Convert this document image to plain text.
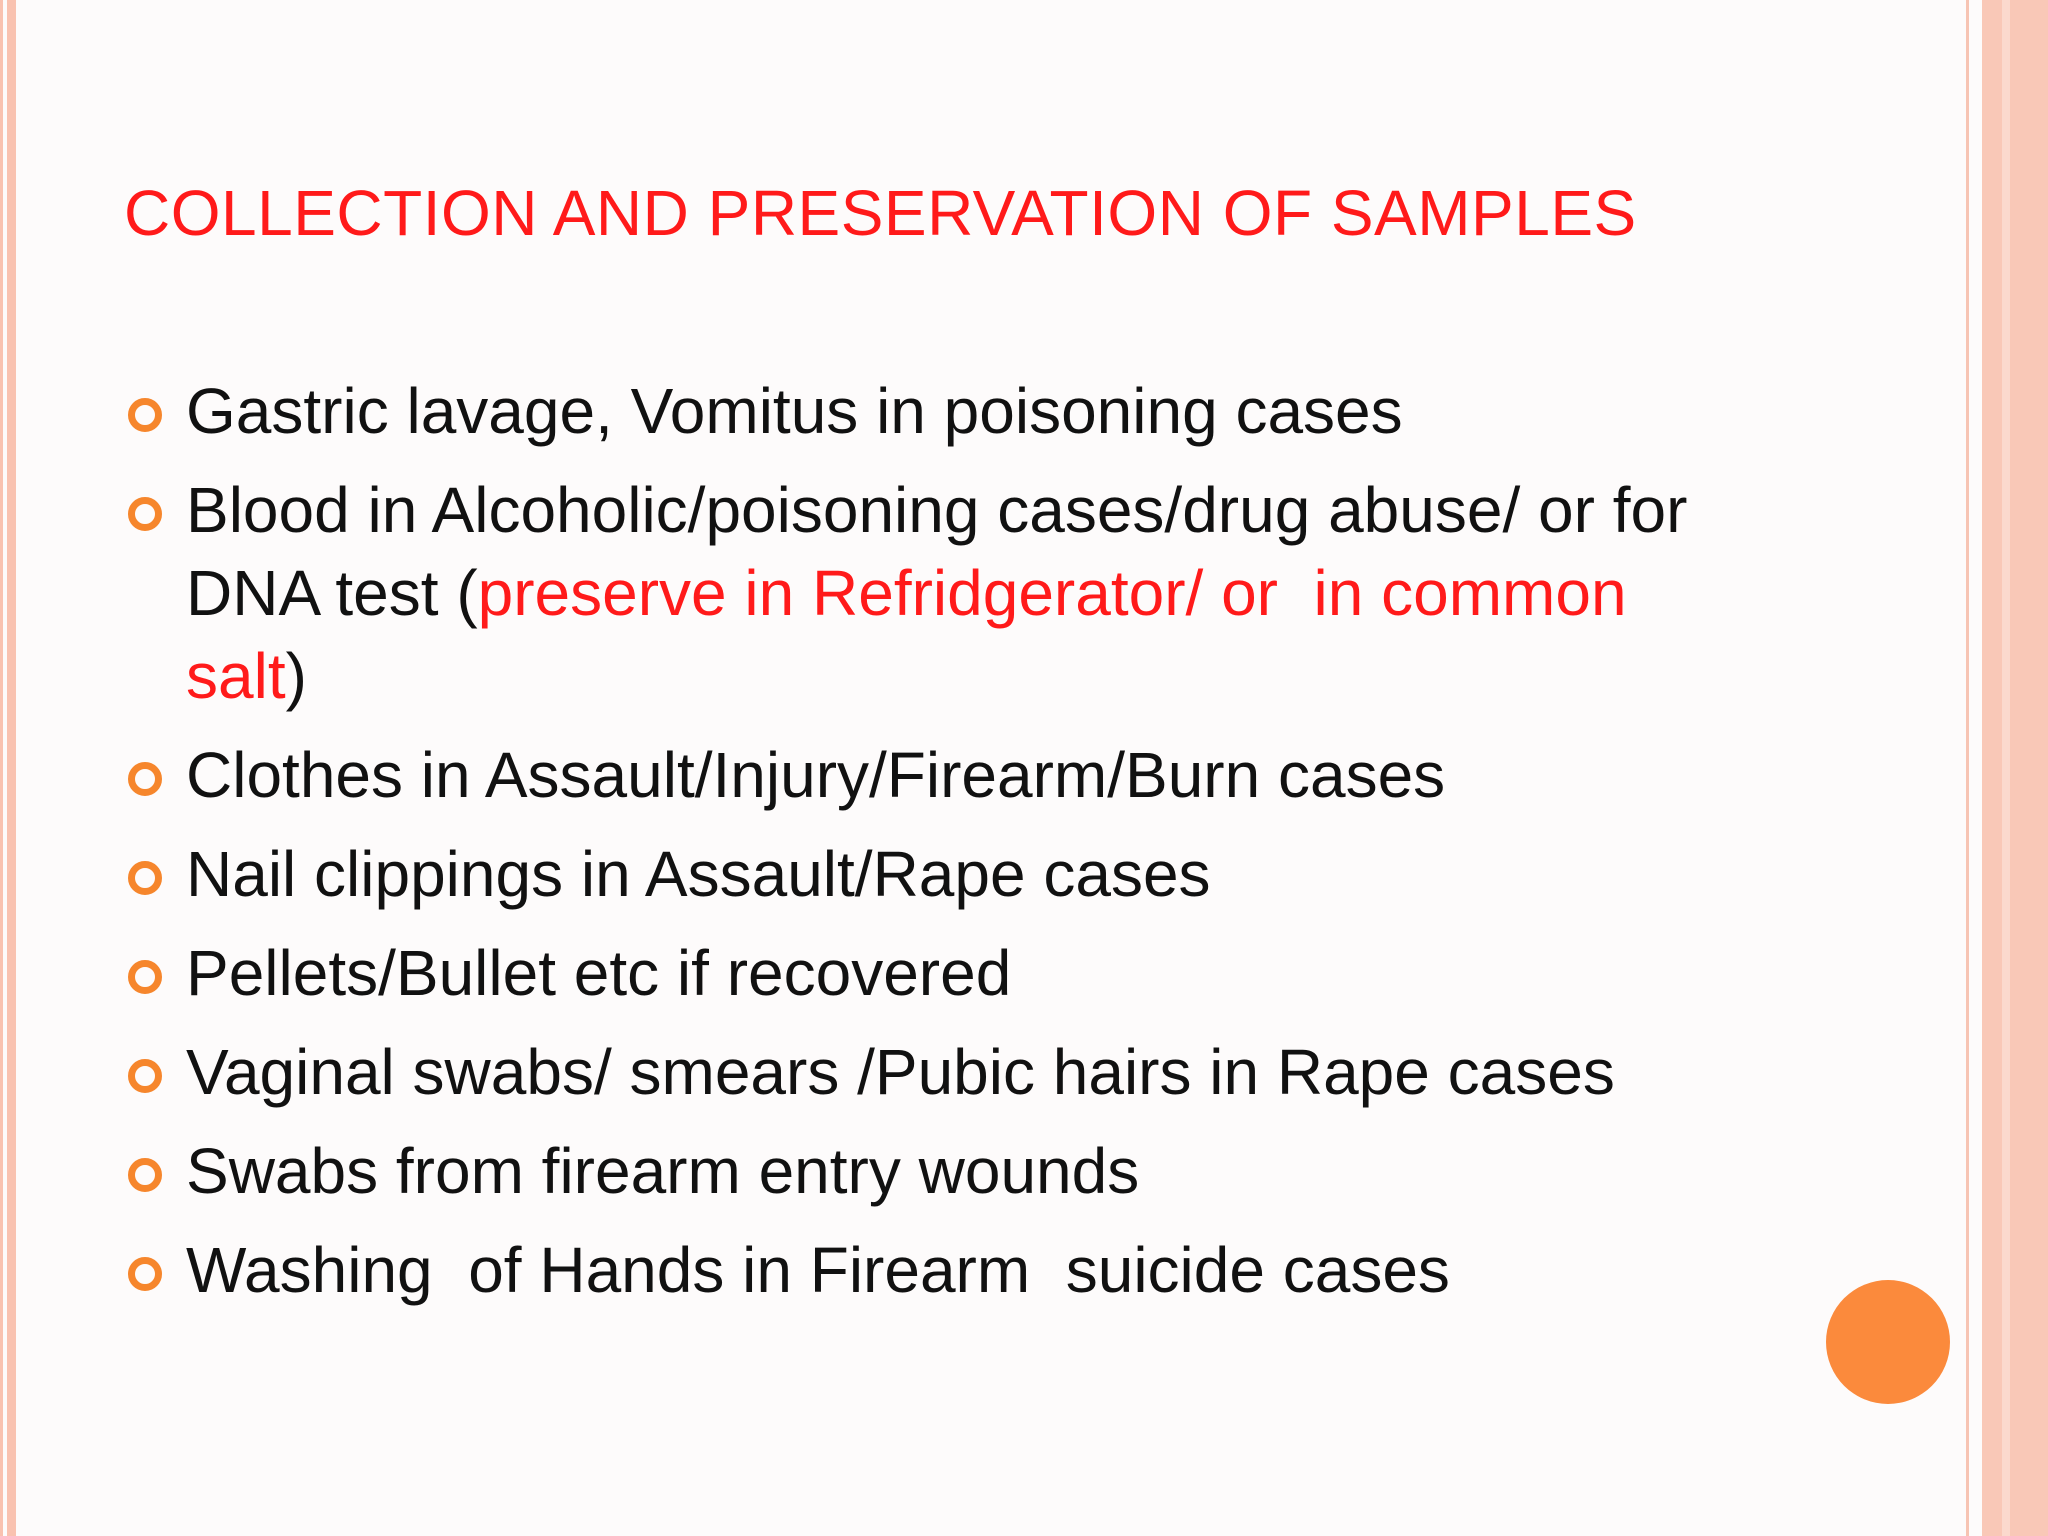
COLLECTION AND PRESERVATION OF SAMPLES
Gastric lavage, Vomitus in poisoning cases
Blood in Alcoholic/poisoning cases/drug abuse/ or for DNA test (preserve in Refridgerator/ or  in common salt)
Clothes in Assault/Injury/Firearm/Burn cases
Nail clippings in Assault/Rape cases
Pellets/Bullet etc if recovered
Vaginal swabs/ smears /Pubic hairs in Rape cases
Swabs from firearm entry wounds
Washing  of Hands in Firearm  suicide cases
